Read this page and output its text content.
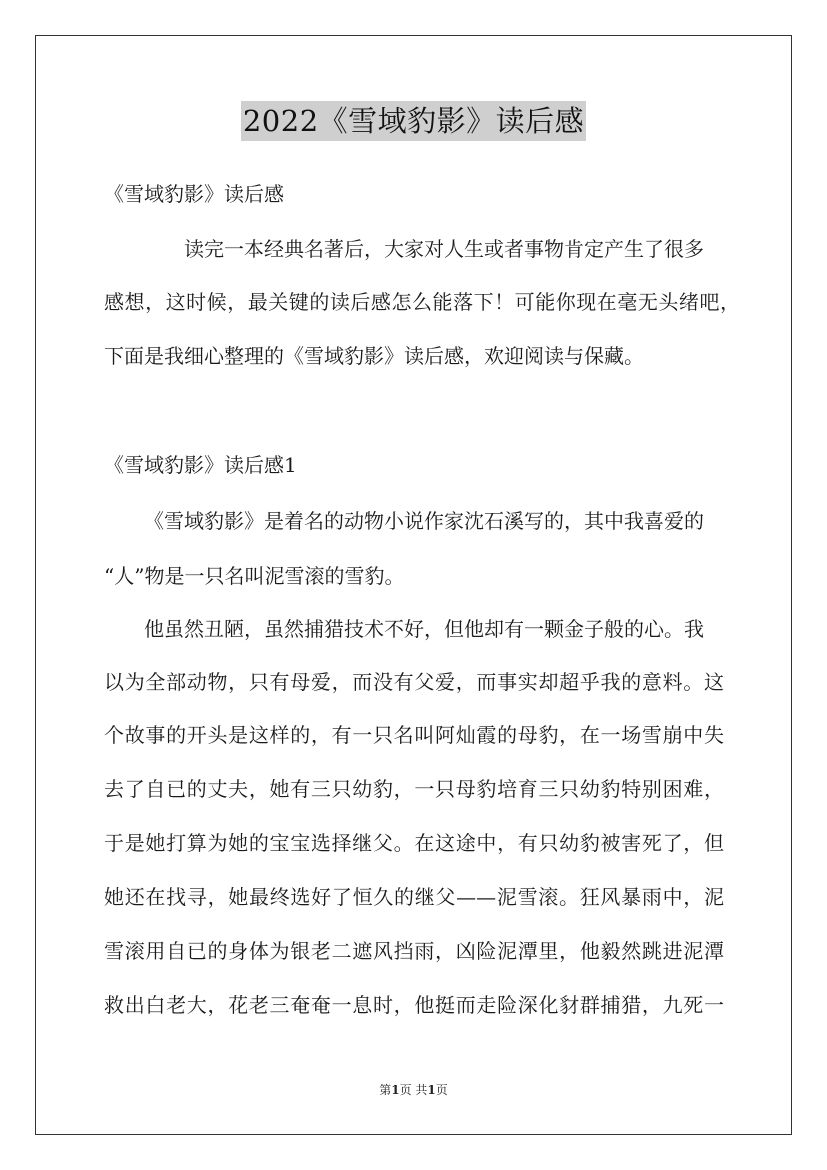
2022《雪域豹影》读后感
《雪域豹影》读后感
读完一本经典名著后，大家对人生或者事物肯定产生了很多
感想，这时候，最关键的读后感怎么能落下！可能你现在毫无头绪吧，
下面是我细心整理的《雪域豹影》读后感，欢迎阅读与保藏。
《雪域豹影》读后感1
《雪域豹影》是着名的动物小说作家沈石溪写的，其中我喜爱的
“人”物是一只名叫泥雪滚的雪豹。
他虽然丑陋，虽然捕猎技术不好，但他却有一颗金子般的心。我
以为全部动物，只有母爱，而没有父爱，而事实却超乎我的意料。这
个故事的开头是这样的，有一只名叫阿灿霞的母豹，在一场雪崩中失
去了自已的丈夫，她有三只幼豹，一只母豹培育三只幼豹特别困难，
于是她打算为她的宝宝选择继父。在这途中，有只幼豹被害死了，但
她还在找寻，她最终选好了恒久的继父——泥雪滚。狂风暴雨中，泥
雪滚用自已的身体为银老二遮风挡雨，凶险泥潭里，他毅然跳进泥潭
救出白老大，花老三奄奄一息时，他挺而走险深化豺群捕猎，九死一
第1页 共1页
